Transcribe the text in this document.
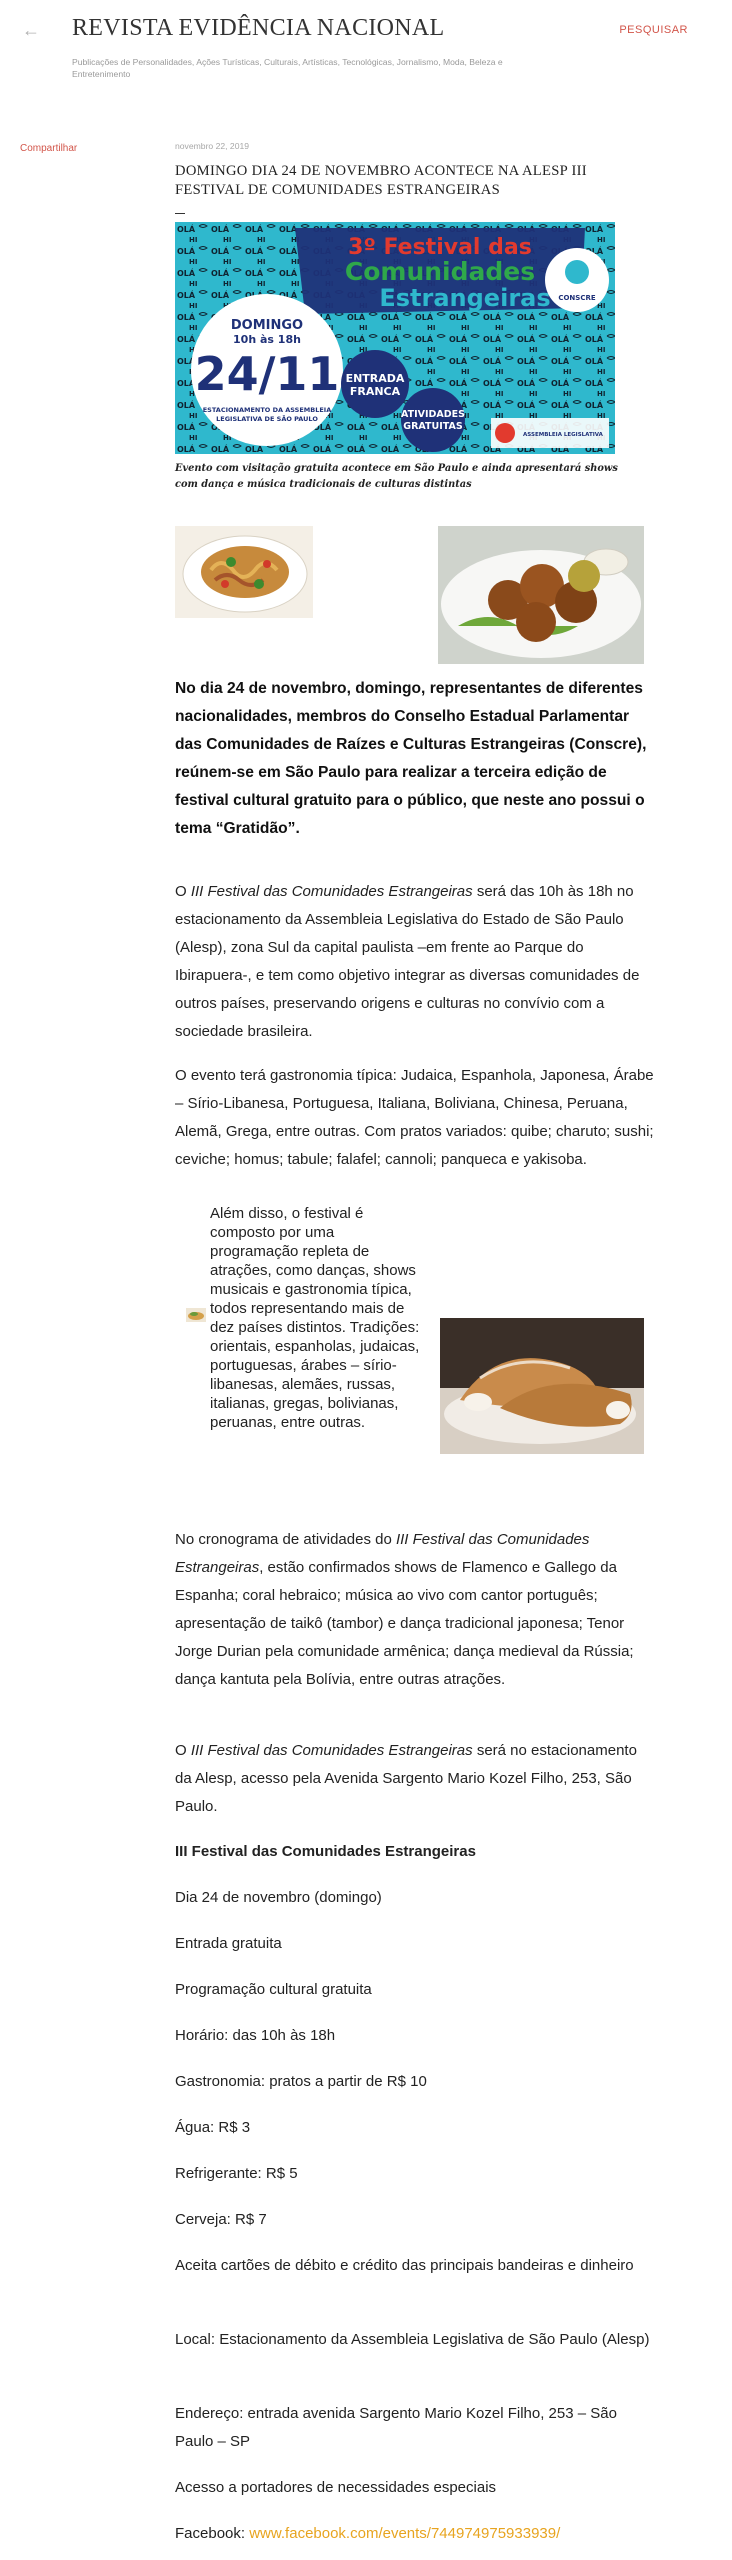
← REVISTA EVIDÊNCIA NACIONAL	PESQUISAR
Publicações de Personalidades, Ações Turísticas, Culturais, Artísticas, Tecnológicas, Jornalismo, Moda, Beleza e Entretenimento
Compartilhar	novembro 22, 2019
DOMINGO DIA 24 DE NOVEMBRO ACONTECE NA ALESP III FESTIVAL DE COMUNIDADES ESTRANGEIRAS
3º Festival das
Comunidades
Estrangeiras
DOMINGO
10h às 18h
24/11
ESTACIONAMENTO DA ASSEMBLEIA
LEGISLATIVA DE SÃO PAULO
ENTRADA
FRANCA
ATIVIDADES
GRATUITAS
CONSCRE
ASSEMBLEIA LEGISLATIVA
Evento com visitação gratuita acontece em São Paulo e ainda apresentará shows com dança e música tradicionais de culturas distintas

No dia 24 de novembro, domingo, representantes de diferentes nacionalidades, membros do Conselho Estadual Parlamentar das Comunidades de Raízes e Culturas Estrangeiras (Conscre), reúnem-se em São Paulo para realizar a terceira edição de festival cultural gratuito para o público, que neste ano possui o tema “Gratidão”.

O III Festival das Comunidades Estrangeiras será das 10h às 18h no estacionamento da Assembleia Legislativa do Estado de São Paulo (Alesp), zona Sul da capital paulista –em frente ao Parque do Ibirapuera-, e tem como objetivo integrar as diversas comunidades de outros países, preservando origens e culturas no convívio com a sociedade brasileira.

O evento terá gastronomia típica: Judaica, Espanhola, Japonesa, Árabe – Sírio-Libanesa, Portuguesa, Italiana, Boliviana, Chinesa, Peruana, Alemã, Grega, entre outras. Com pratos variados: quibe; charuto; sushi; ceviche; homus; tabule; falafel; cannoli; panqueca e yakisoba.

Além disso, o festival é composto por uma programação repleta de atrações, como danças, shows musicais e gastronomia típica, todos representando mais de dez países distintos. Tradições: orientais, espanholas, judaicas, portuguesas, árabes – sírio-libanesas, alemães, russas, italianas, gregas, bolivianas, peruanas, entre outras.

No cronograma de atividades do III Festival das Comunidades Estrangeiras, estão confirmados shows de Flamenco e Gallego da Espanha; coral hebraico; música ao vivo com cantor português; apresentação de taikô (tambor) e dança tradicional japonesa; Tenor Jorge Durian pela comunidade armênica; dança medieval da Rússia; dança kantuta pela Bolívia, entre outras atrações.

O III Festival das Comunidades Estrangeiras será no estacionamento da Alesp, acesso pela Avenida Sargento Mario Kozel Filho, 253, São Paulo.

III Festival das Comunidades Estrangeiras

Dia 24 de novembro (domingo)

Entrada gratuita

Programação cultural gratuita

Horário: das 10h às 18h

Gastronomia: pratos a partir de R$ 10

Água: R$ 3

Refrigerante: R$ 5

Cerveja: R$ 7

Aceita cartões de débito e crédito das principais bandeiras e dinheiro

Local: Estacionamento da Assembleia Legislativa de São Paulo (Alesp)

Endereço: entrada avenida Sargento Mario Kozel Filho, 253 – São Paulo – SP

Acesso a portadores de necessidades especiais

Facebook: www.facebook.com/events/744974975933939/
